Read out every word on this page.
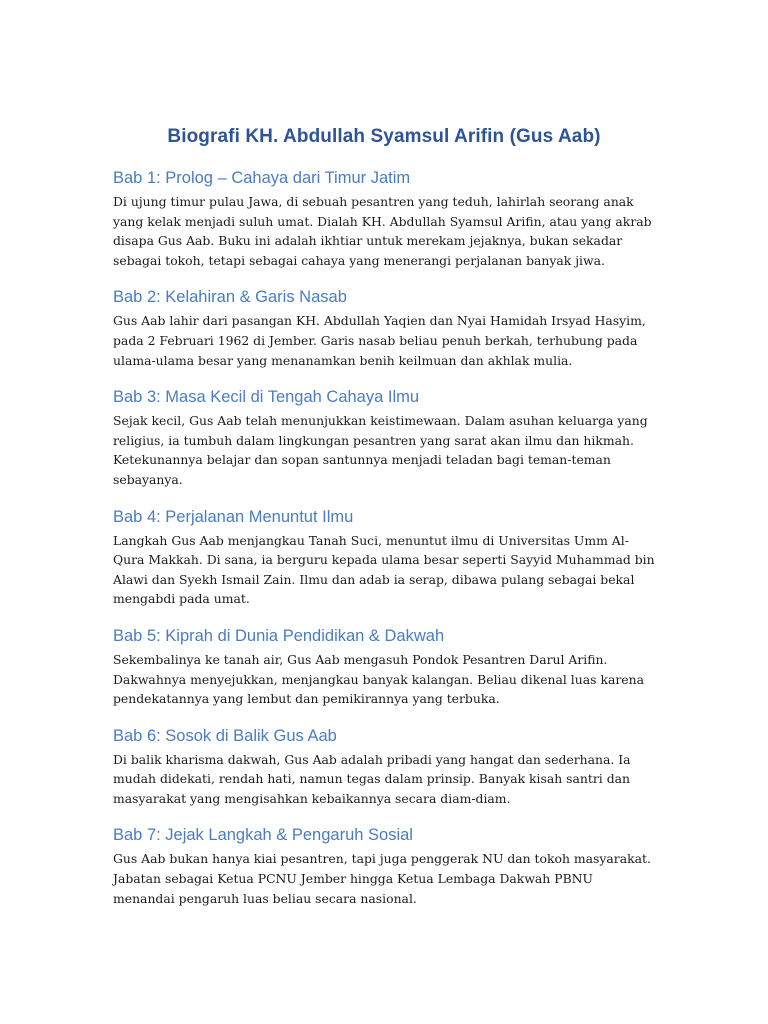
Biografi KH. Abdullah Syamsul Arifin (Gus Aab)
Bab 1: Prolog – Cahaya dari Timur Jatim

Di ujung timur pulau Jawa, di sebuah pesantren yang teduh, lahirlah seorang anak yang kelak menjadi suluh umat. Dialah KH. Abdullah Syamsul Arifin, atau yang akrab disapa Gus Aab. Buku ini adalah ikhtiar untuk merekam jejaknya, bukan sekadar sebagai tokoh, tetapi sebagai cahaya yang menerangi perjalanan banyak jiwa.

Bab 2: Kelahiran & Garis Nasab

Gus Aab lahir dari pasangan KH. Abdullah Yaqien dan Nyai Hamidah Irsyad Hasyim, pada 2 Februari 1962 di Jember. Garis nasab beliau penuh berkah, terhubung pada ulama-ulama besar yang menanamkan benih keilmuan dan akhlak mulia.

Bab 3: Masa Kecil di Tengah Cahaya Ilmu

Sejak kecil, Gus Aab telah menunjukkan keistimewaan. Dalam asuhan keluarga yang religius, ia tumbuh dalam lingkungan pesantren yang sarat akan ilmu dan hikmah. Ketekunannya belajar dan sopan santunnya menjadi teladan bagi teman-teman sebayanya.

Bab 4: Perjalanan Menuntut Ilmu

Langkah Gus Aab menjangkau Tanah Suci, menuntut ilmu di Universitas Umm Al-Qura Makkah. Di sana, ia berguru kepada ulama besar seperti Sayyid Muhammad bin Alawi dan Syekh Ismail Zain. Ilmu dan adab ia serap, dibawa pulang sebagai bekal mengabdi pada umat.

Bab 5: Kiprah di Dunia Pendidikan & Dakwah

Sekembalinya ke tanah air, Gus Aab mengasuh Pondok Pesantren Darul Arifin. Dakwahnya menyejukkan, menjangkau banyak kalangan. Beliau dikenal luas karena pendekatannya yang lembut dan pemikirannya yang terbuka.

Bab 6: Sosok di Balik Gus Aab

Di balik kharisma dakwah, Gus Aab adalah pribadi yang hangat dan sederhana. Ia mudah didekati, rendah hati, namun tegas dalam prinsip. Banyak kisah santri dan masyarakat yang mengisahkan kebaikannya secara diam-diam.

Bab 7: Jejak Langkah & Pengaruh Sosial

Gus Aab bukan hanya kiai pesantren, tapi juga penggerak NU dan tokoh masyarakat. Jabatan sebagai Ketua PCNU Jember hingga Ketua Lembaga Dakwah PBNU menandai pengaruh luas beliau secara nasional.
